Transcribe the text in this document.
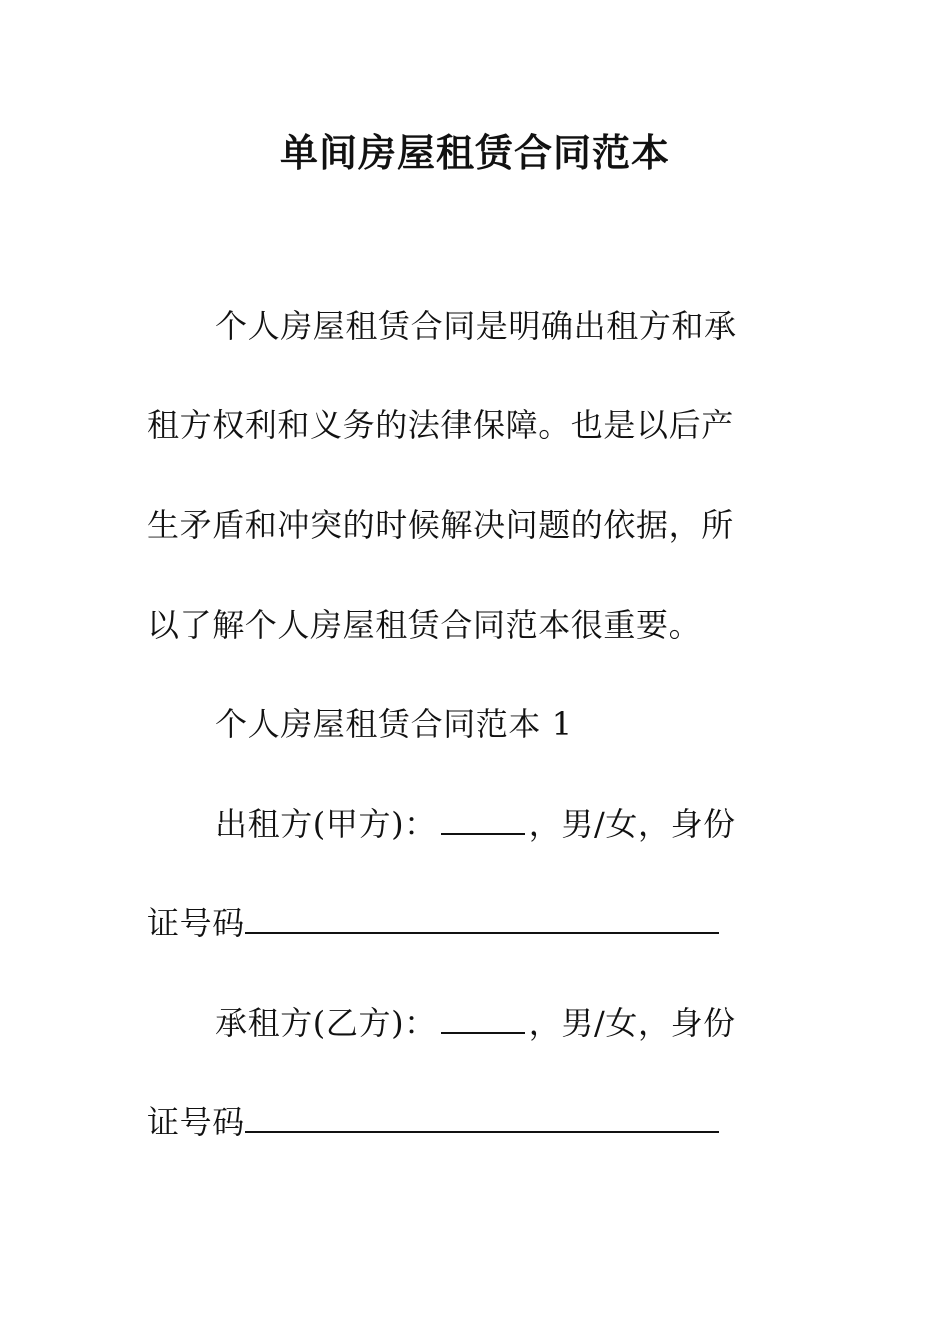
单间房屋租赁合同范本
个人房屋租赁合同是明确出租方和承
租方权利和义务的法律保障。也是以后产
生矛盾和冲突的时候解决问题的依据，所
以了解个人房屋租赁合同范本很重要。
个人房屋租赁合同范本 1
出租方(甲方)：	，男/女，身份
证号码
承租方(乙方)：	，男/女，身份
证号码
